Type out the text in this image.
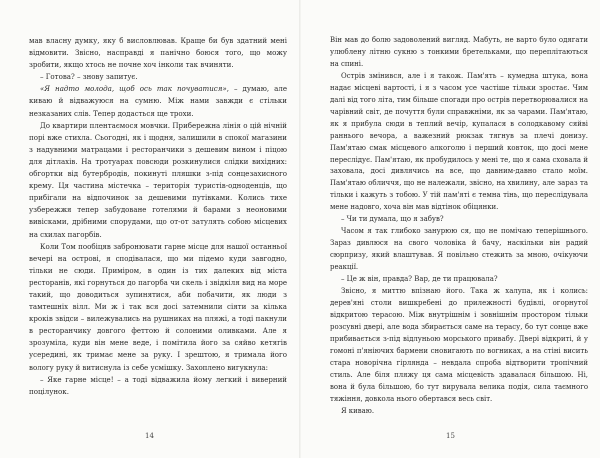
мав власну думку, яку б висловлював. Краще би був здатний мені відмовити. Звісно, насправді я панічно боюся того, що можу зробити, якщо хтось не почне хоч інколи так вчиняти.

– Готова? – знову запитує.

«Я надто молода, щоб ось так почуватися», – думаю, але киваю й відважуюся на сумню. Між нами завжди є стільки незказаних слів. Тепер додасться ще трохи.

До квартири плентаємося мовчки. Прибережна лінія о цій нічній порі вже стихла. Сьогодні, як і щодня, залишили в спокої магазини з надувними матрацами і ресторанчики з дешевим вином і піцою для дітлахів. На тротуарах повсюди розкинулися слідки вихідних: обгортки від бутербродів, покинуті пляшки з-під сонцезахисного крему. Ця частина містечка – територія туристів-одноденців, що прибігали на відпочинок за дешевими путівками. Колись тихе узбережжя тепер забудоване готелями й барами з неоновими вивісками, дрібними спорудами, що от-от затулять собою місцевих на схилах пагорбів.

Коли Том пообіцяв забронювати гарне місце для нашої останньої вечері на острові, я сподівалася, що ми підемо куди завгодно, тільки не сюди. Приміром, в один із тих далеких від міста ресторанів, які горнуться до пагорба чи скель і звідкіля вид на море такий, що доводиться зупинятися, аби побачити, як люди з тамтешніх вілл. Ми ж і так вся досі затемнили сіяти за кілька кроків звідси – вилежувались на рушниках на пляжі, а тоді пакнули в ресторанчику довгого феттою й солоними оливками. Але я зрозуміла, куди він мене веде, і помітила його за сяйво кетягів усередині, як тримає мене за руку. І зрештою, я тримала його вологу руку й витиснула із себе усмішку. Захоплено вигукнула:

– Яке гарне місце! – а тоді відважила йому легкий і виверний поцілунок.

14

Він мав до болю задоволений вигляд. Мабуть, не варто було одягати улюблену літню сукню з тонкими бретельками, що переплітаються на спині.

Острів змінився, але і я також. Пам'ять – кумедна штука, вона надає місцеві вартості, і я з часом усе частіше тільки зростає. Чим далі від того літа, тим більше спогади про острів перетворювалися на чарівний світ, де почуття були справжніми, як за чарами. Пам'ятаю, як я прибула сюди в теплий вечір, купалася в солодкавому сяйві раннього вечора, а важезний рюкзак тягнув за плечі донизу. Пам'ятаю смак місцевого алкоголю і перший ковток, що досі мене переслідує. Пам'ятаю, як пробудилось у мені те, що я сама сховала й заховала, досі дивлячись на все, що давним-давно стало моїм. Пам'ятаю обличчя, що не належали, звісно, на хвилину, але зараз та тільки і кажуть з тобою. У тій пам'яті є темна тінь, що переслідувала мене надовго, хоча він мав відтінок обіцянки.

– Чи ти думала, що я забув?

Часом я так глибоко занурюю ся, що не помічаю теперішнього. Зараз дивлюся на свого чоловіка й бачу, наскільки він радий сюрпризу, який влаштував. Я повільно стежить за мною, очікуючи реакції.

– Це ж він, правда? Вар, де ти працювала?

Звісно, я миттю впізнаю його. Така ж халупа, як і колись: дерев'яні столи вишкребені до прилежності будівлі, огорнутої відкритою терасою. Між внутрішнім і зовнішнім простором тільки розсувні двері, але вода збирається саме на терасу, бо тут сонце вже прибивається з-під відлуньою морського привабу. Двері відкриті, й у гомоні п'яніючих бармени сновигають по вогниках, а на стіні висить стара новорічна гірлянда – невдала спроба відтворити тропічний стиль. Але біля пляжу ця сама місцевість здавалася більшою. Ні, вона й була більшою, бо тут вирувала велика подія, сила таємного тяжіння, довкола нього обертався весь світ.

Я киваю.

15
